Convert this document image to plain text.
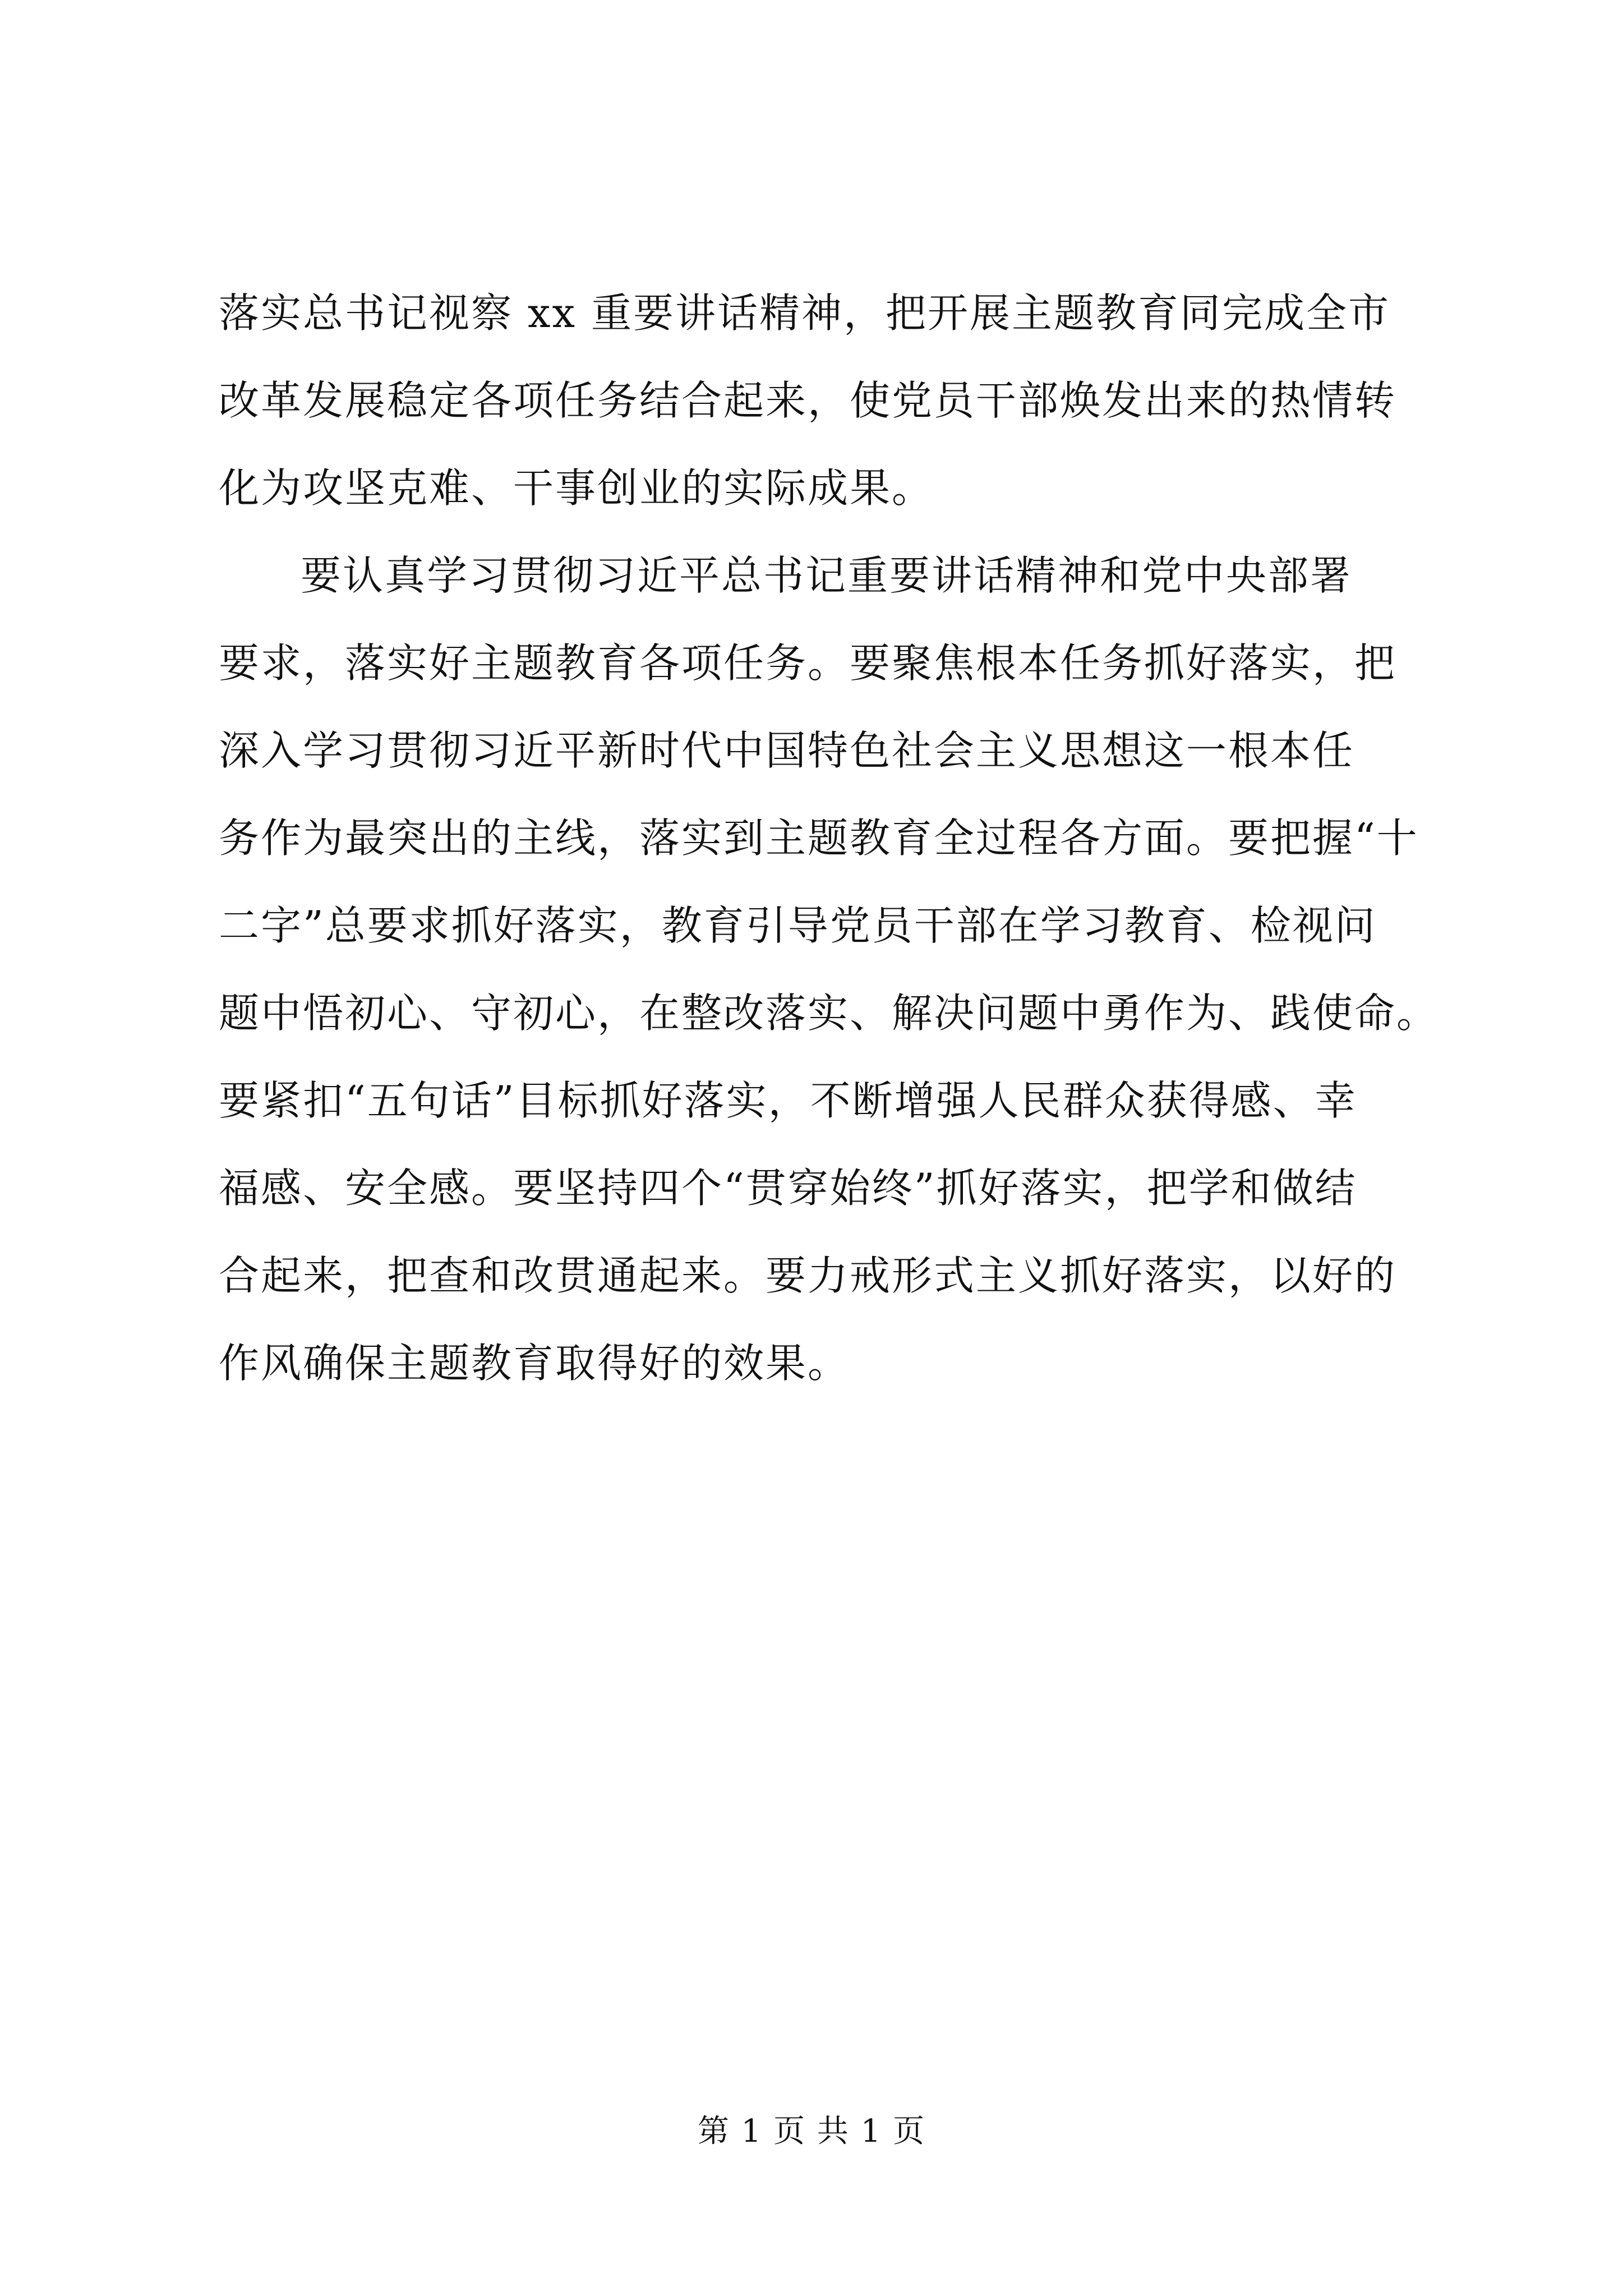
落实总书记视察 xx 重要讲话精神，把开展主题教育同完成全市
改革发展稳定各项任务结合起来，使党员干部焕发出来的热情转
化为攻坚克难、干事创业的实际成果。
要认真学习贯彻习近平总书记重要讲话精神和党中央部署
要求，落实好主题教育各项任务。要聚焦根本任务抓好落实，把
深入学习贯彻习近平新时代中国特色社会主义思想这一根本任
务作为最突出的主线，落实到主题教育全过程各方面。要把握“十
二字”总要求抓好落实，教育引导党员干部在学习教育、检视问
题中悟初心、守初心，在整改落实、解决问题中勇作为、践使命。
要紧扣“五句话”目标抓好落实，不断增强人民群众获得感、幸
福感、安全感。要坚持四个“贯穿始终”抓好落实，把学和做结
合起来，把查和改贯通起来。要力戒形式主义抓好落实，以好的
作风确保主题教育取得好的效果。
第 1 页 共 1 页
